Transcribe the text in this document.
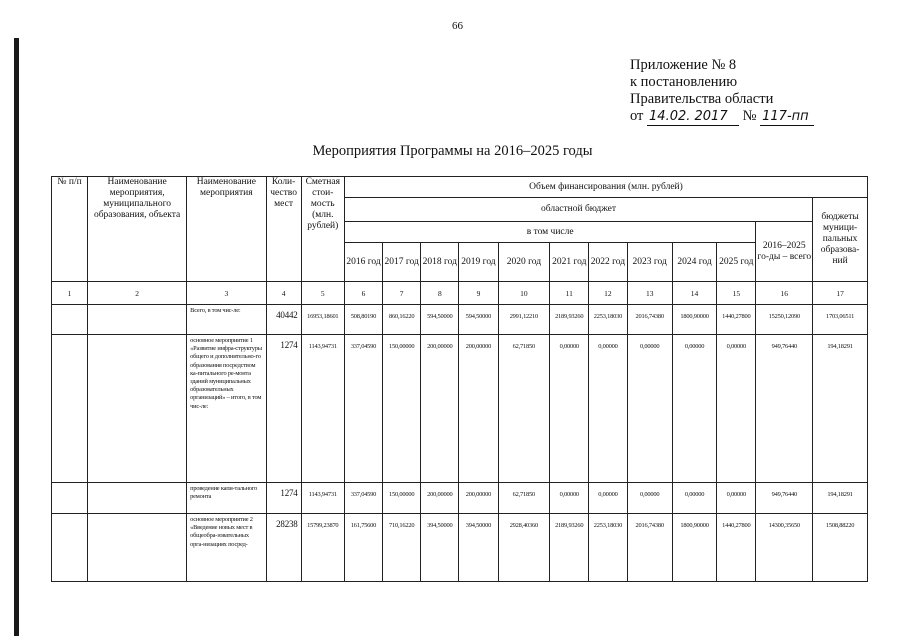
66
Приложение № 8
к постановлению
Правительства области
от 14.02. 2017 № 117-пп
Мероприятия Программы на 2016–2025 годы
№ п/п	Наименование мероприятия, муниципального образования, объекта	Наименование мероприятия	Коли-чество мест	Сметная стои-мость (млн. рублей)	Объем финансирования (млн. рублей)											
					областной бюджет											бюджеты муници-пальных образова-ний
					в том числе										2016–2025 го-ды – всего	
					2016 год	2017 год	2018 год	2019 год	2020 год	2021 год	2022 год	2023 год	2024 год	2025 год		
1	2	3	4	5	6	7	8	9	10	11	12	13	14	15	16	17
		Всего, в том чис-ле:	40442	16953,18601	508,80190	860,16220	594,50000	594,50000	2991,12210	2189,93260	2253,18030	2016,74380	1800,90000	1440,27800	15250,12090	1703,06511
		основное мероприятие 1 «Развитие инфра-структуры общего и дополнительно-го образования посредством ка-питального ре-монта зданий муниципальных образовательных организаций» – итого, в том чис-ле:	1274	1143,94731	337,04590	150,00000	200,00000	200,00000	62,71850	0,00000	0,00000	0,00000	0,00000	0,00000	949,76440	194,18291
		проведение капи-тального ремонта	1274	1143,94731	337,04590	150,00000	200,00000	200,00000	62,71850	0,00000	0,00000	0,00000	0,00000	0,00000	949,76440	194,18291
		основное мероприятие 2 «Введение новых мест в общеобра-зовательных орга-низациях посред-	28238	15799,23870	161,75600	710,16220	394,50000	394,50000	2928,40360	2189,93260	2253,18030	2016,74380	1800,90000	1440,27800	14300,35650	1508,88220
